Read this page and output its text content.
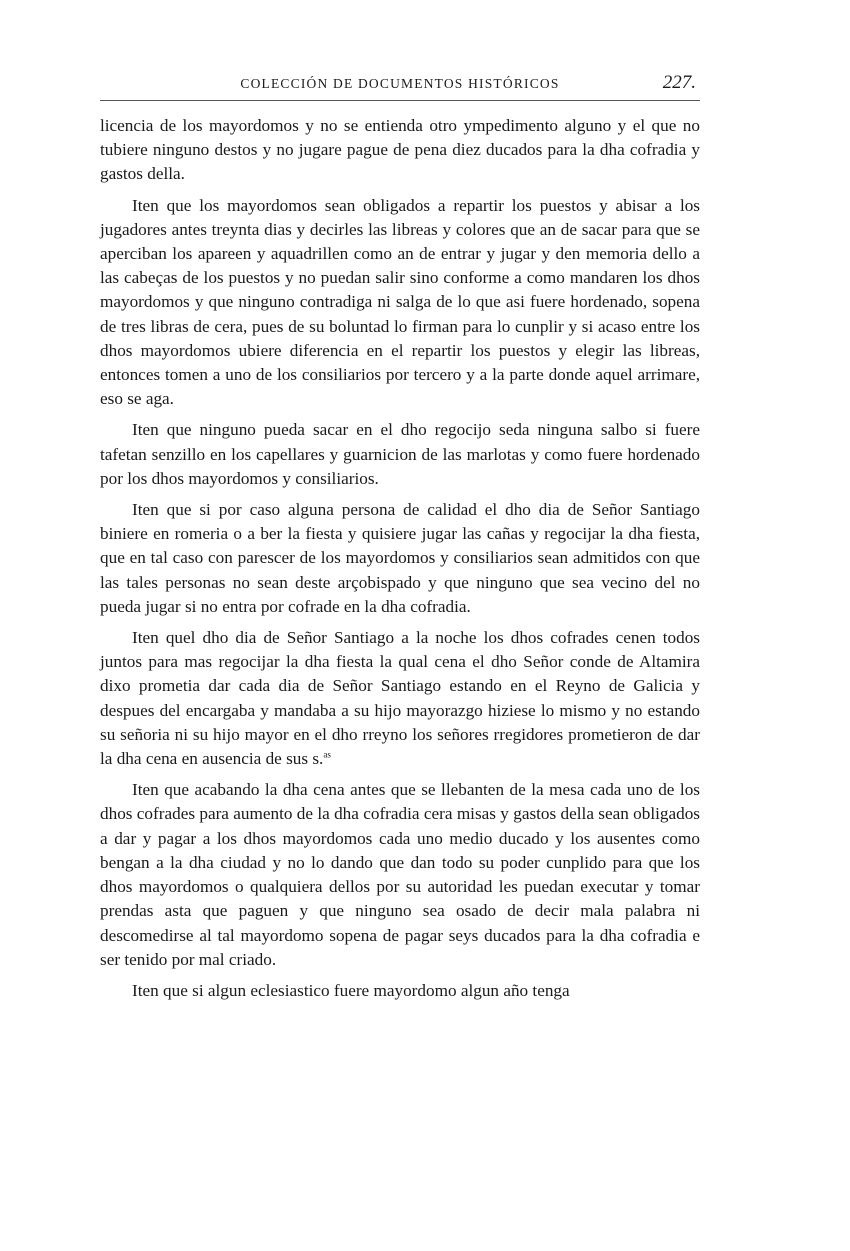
COLECCIÓN DE DOCUMENTOS HISTÓRICOS	227.

licencia de los mayordomos y no se entienda otro ympedimento alguno y el que no tubiere ninguno destos y no jugare pague de pena diez ducados para la dha cofradia y gastos della.

Iten que los mayordomos sean obligados a repartir los puestos y abisar a los jugadores antes treynta dias y decirles las libreas y colores que an de sacar para que se aperciban los apareen y aquadrillen como an de entrar y jugar y den memoria dello a las cabeças de los puestos y no puedan salir sino conforme a como mandaren los dhos mayordomos y que ninguno contradiga ni salga de lo que asi fuere hordenado, sopena de tres libras de cera, pues de su boluntad lo firman para lo cunplir y si acaso entre los dhos mayordomos ubiere diferencia en el repartir los puestos y elegir las libreas, entonces tomen a uno de los consiliarios por tercero y a la parte donde aquel arrimare, eso se aga.

Iten que ninguno pueda sacar en el dho regocijo seda ninguna salbo si fuere tafetan senzillo en los capellares y guarnicion de las marlotas y como fuere hordenado por los dhos mayordomos y consiliarios.

Iten que si por caso alguna persona de calidad el dho dia de Señor Santiago biniere en romeria o a ber la fiesta y quisiere jugar las cañas y regocijar la dha fiesta, que en tal caso con parescer de los mayordomos y consiliarios sean admitidos con que las tales personas no sean deste arçobispado y que ninguno que sea vecino del no pueda jugar si no entra por cofrade en la dha cofradia.

Iten quel dho dia de Señor Santiago a la noche los dhos cofrades cenen todos juntos para mas regocijar la dha fiesta la qual cena el dho Señor conde de Altamira dixo prometia dar cada dia de Señor Santiago estando en el Reyno de Galicia y despues del encargaba y mandaba a su hijo mayorazgo hiziese lo mismo y no estando su señoria ni su hijo mayor en el dho rreyno los señores rregidores prometieron de dar la dha cena en ausencia de sus s.$^{as}$

Iten que acabando la dha cena antes que se llebanten de la mesa cada uno de los dhos cofrades para aumento de la dha cofradia cera misas y gastos della sean obligados a dar y pagar a los dhos mayordomos cada uno medio ducado y los ausentes como bengan a la dha ciudad y no lo dando que dan todo su poder cunplido para que los dhos mayordomos o qualquiera dellos por su autoridad les puedan executar y tomar prendas asta que paguen y que ninguno sea osado de decir mala palabra ni descomedirse al tal mayordomo sopena de pagar seys ducados para la dha cofradia e ser tenido por mal criado.

Iten que si algun eclesiastico fuere mayordomo algun año tenga
